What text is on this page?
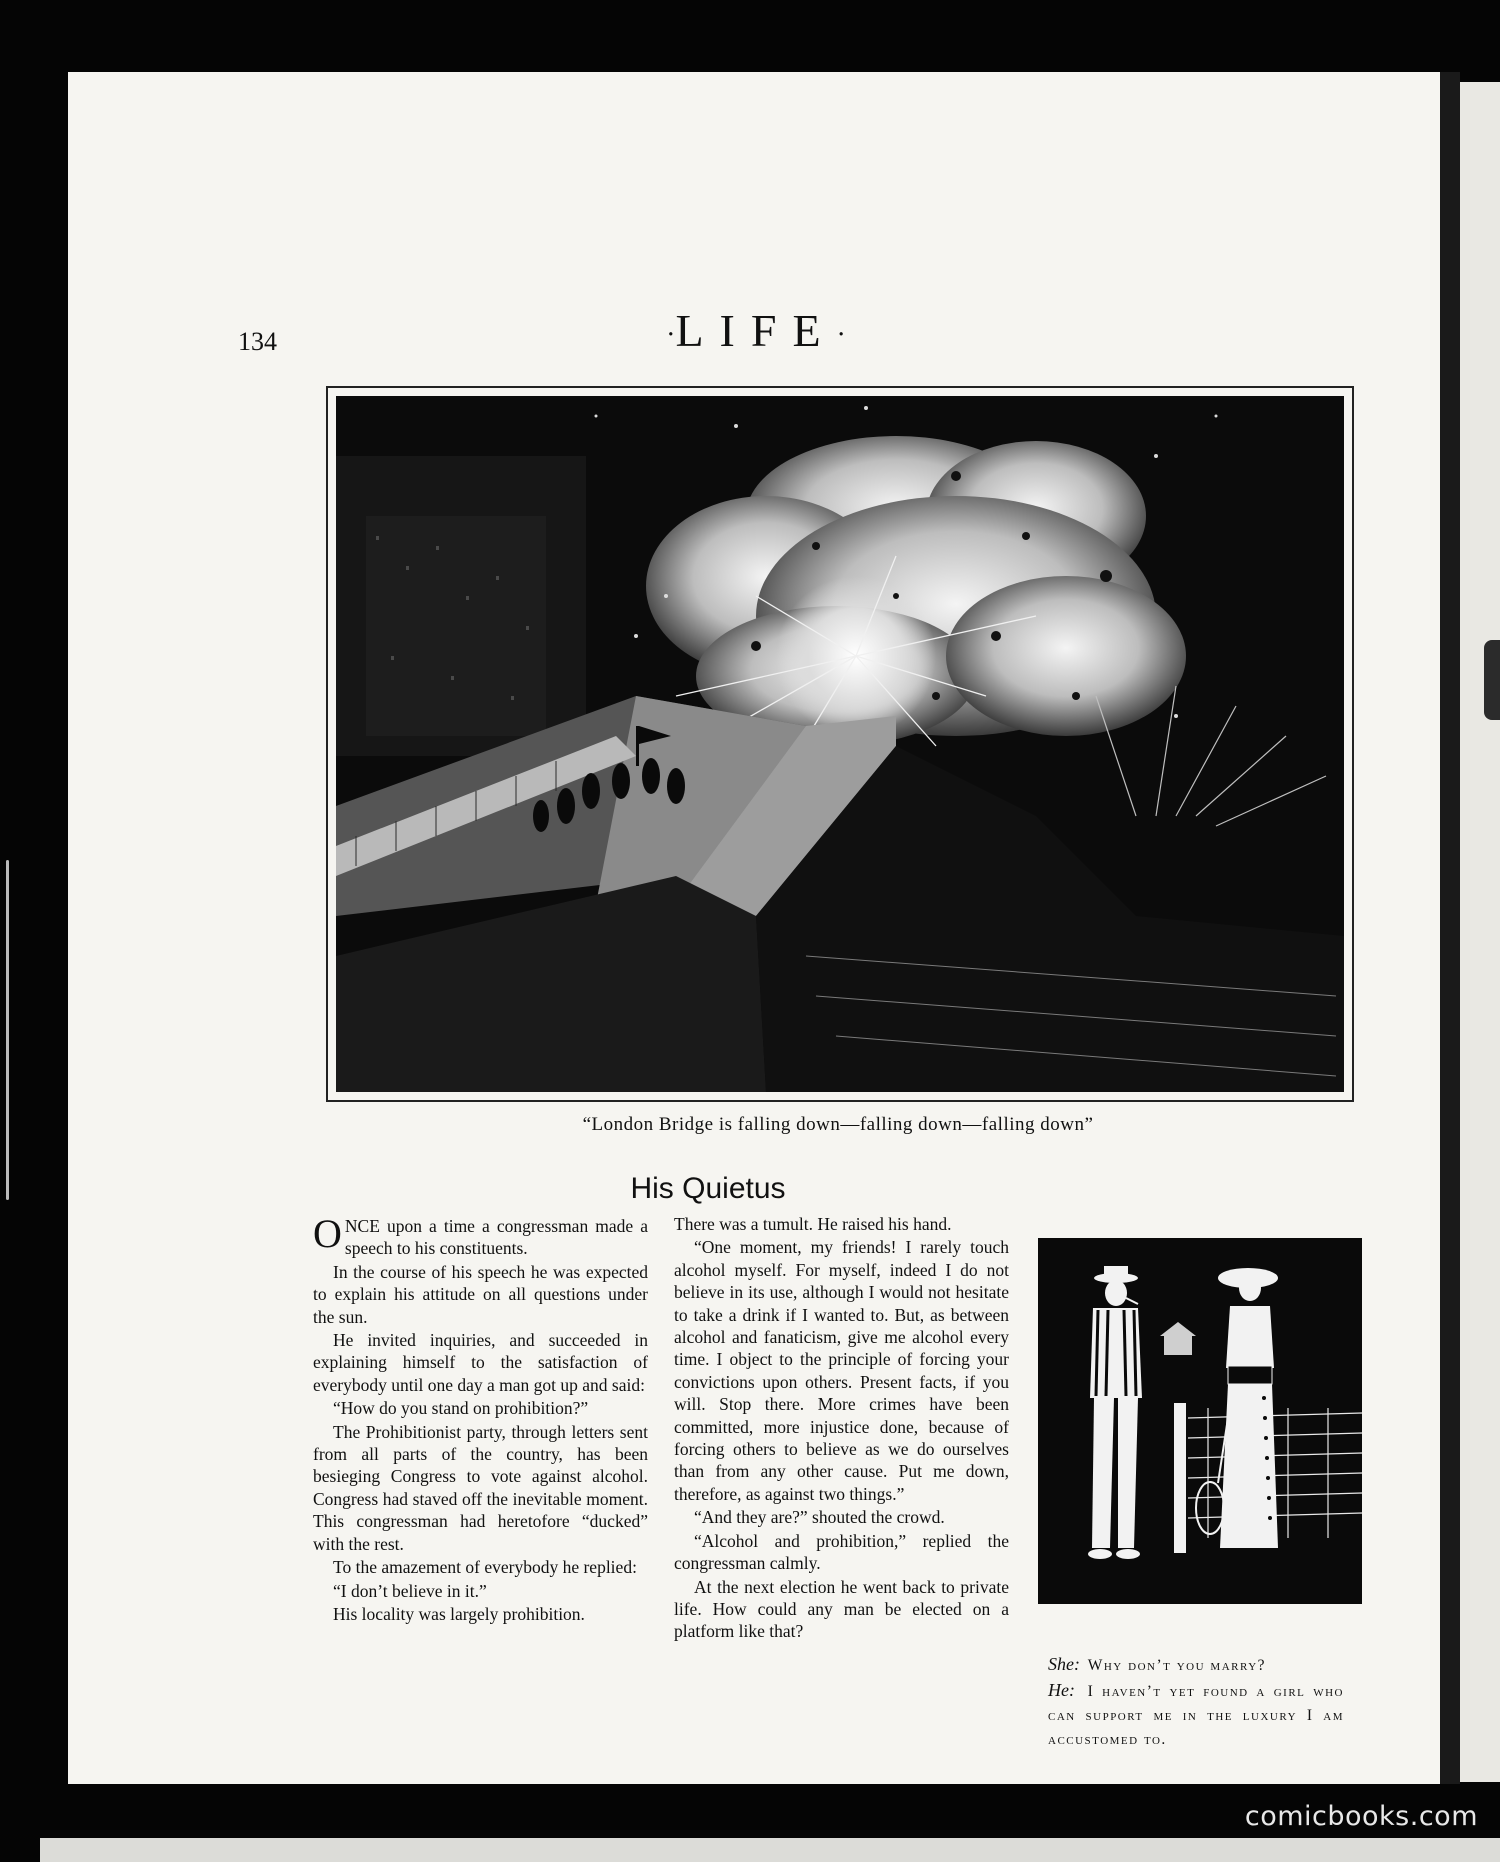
134	·LIFE·
“London Bridge is falling down—falling down—falling down”
His Quietus

ONCE upon a time a congressman made a speech to his constituents.

In the course of his speech he was expected to explain his attitude on all questions under the sun.

He invited inquiries, and succeeded in explaining himself to the satisfaction of everybody until one day a man got up and said:

“How do you stand on prohibition?”

The Prohibitionist party, through letters sent from all parts of the country, has been besieging Congress to vote against alcohol. Congress had staved off the inevitable moment. This congressman had heretofore “ducked” with the rest.

To the amazement of everybody he replied:

“I don’t believe in it.”

His locality was largely prohibition.

There was a tumult. He raised his hand.

“One moment, my friends! I rarely touch alcohol myself. For myself, indeed I do not believe in its use, although I would not hesitate to take a drink if I wanted to. But, as between alcohol and fanaticism, give me alcohol every time. I object to the principle of forcing your convictions upon others. Present facts, if you will. Stop there. More crimes have been committed, more injustice done, because of forcing others to believe as we do ourselves than from any other cause. Put me down, therefore, as against two things.”

“And they are?” shouted the crowd.

“Alcohol and prohibition,” replied the congressman calmly.

At the next election he went back to private life. How could any man be elected on a platform like that?

She: Why don’t you marry?
He: I haven’t yet found a girl who can support me in the luxury I am accustomed to.
comicbooks.com
